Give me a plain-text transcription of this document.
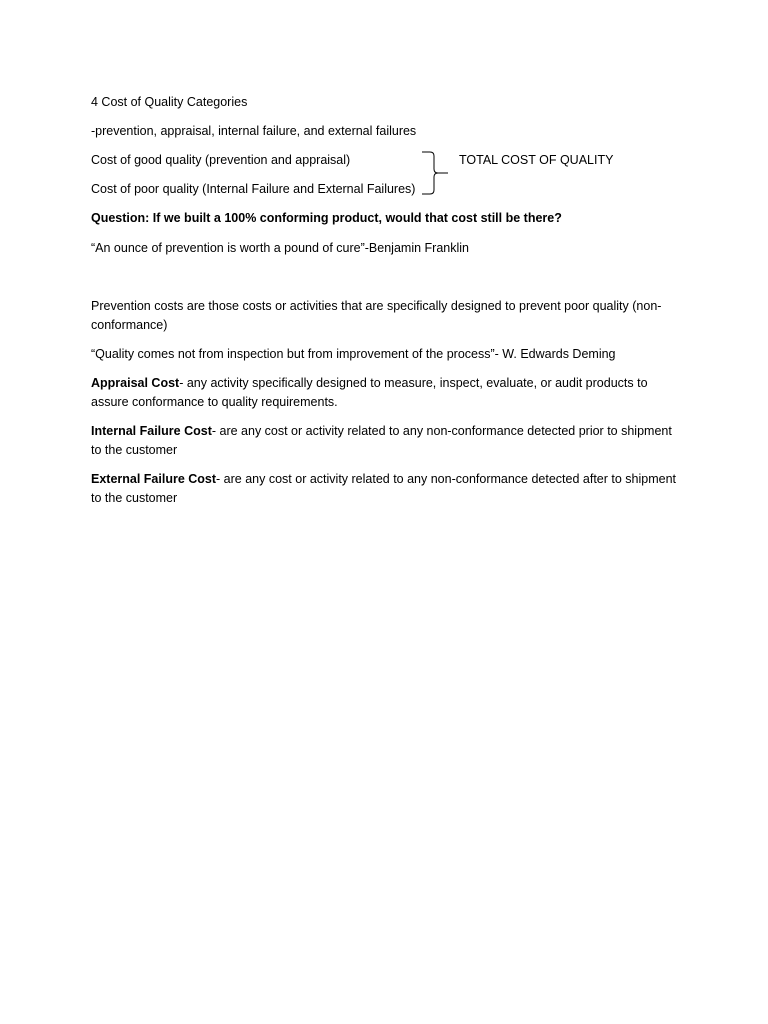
4 Cost of Quality Categories
-prevention, appraisal, internal failure, and external failures
Cost of good quality (prevention and appraisal)
Cost of poor quality (Internal Failure and External Failures)
TOTAL COST OF QUALITY
Question: If we built a 100% conforming product, would that cost still be there?
“An ounce of prevention is worth a pound of cure”-Benjamin Franklin
Prevention costs are those costs or activities that are specifically designed to prevent poor quality (non-conformance)
“Quality comes not from inspection but from improvement of the process”- W. Edwards Deming
Appraisal Cost- any activity specifically designed to measure, inspect, evaluate, or audit products to assure conformance to quality requirements.
Internal Failure Cost- are any cost or activity related to any non-conformance detected prior to shipment to the customer
External Failure Cost- are any cost or activity related to any non-conformance detected after to shipment to the customer
